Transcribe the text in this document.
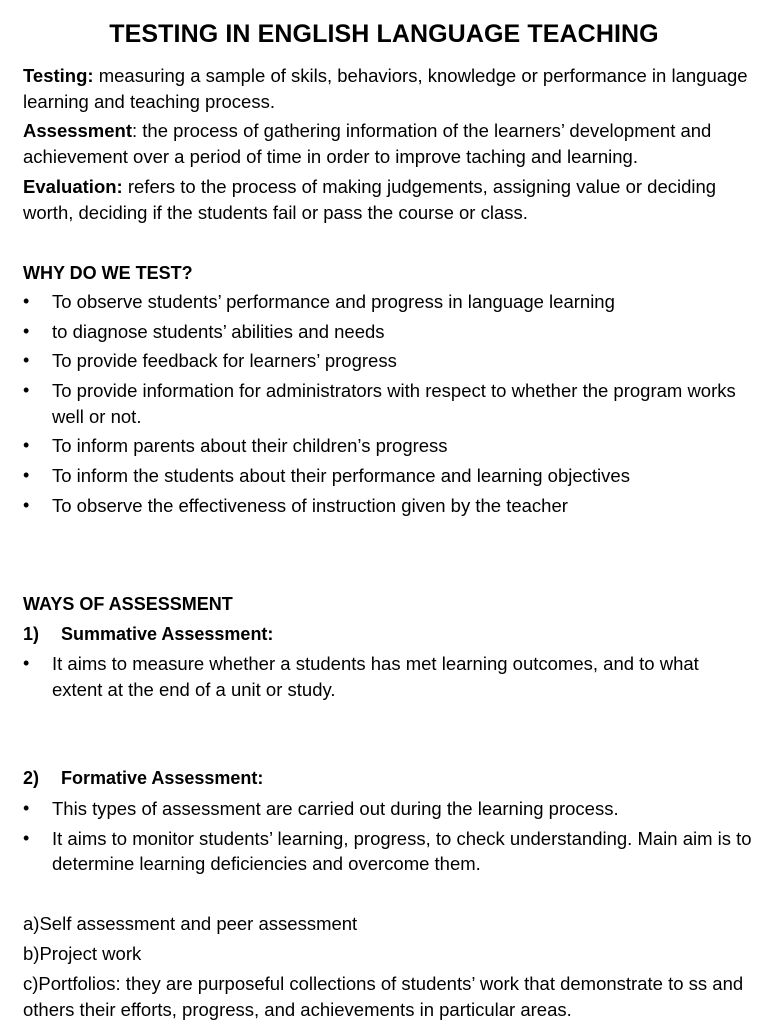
TESTING IN ENGLISH LANGUAGE TEACHING
Testing: measuring a sample of skils, behaviors, knowledge or performance in language learning and teaching process.
Assessment: the process of gathering information of the learners’ development and achievement over a period of time in order to improve taching and learning.
Evaluation: refers to the process of making judgements, assigning value or deciding worth, deciding if the students fail or pass the course or class.
WHY DO WE TEST?
•	To observe students’ performance and progress in language learning
•	to diagnose students’ abilities and needs
•	To provide feedback for learners’ progress
•	To provide information for administrators with respect to whether the program works well or not.
•	To inform parents about their children’s progress
•	To inform the students about their performance and learning objectives
•	To observe the effectiveness of instruction given by the teacher
WAYS OF ASSESSMENT
1) Summative Assessment:
•	It aims to measure whether a students has met learning outcomes, and to what extent at the end of a unit or study.
2) Formative Assessment:
•	This types of assessment are carried out during the learning process.
•	It aims to monitor students’ learning, progress, to check understanding. Main aim is to determine learning deficiencies and overcome them.
a)Self assessment and peer assessment
b)Project work
c)Portfolios: they are purposeful collections of students’ work that demonstrate to ss and others their efforts, progress, and achievements in particular areas.
